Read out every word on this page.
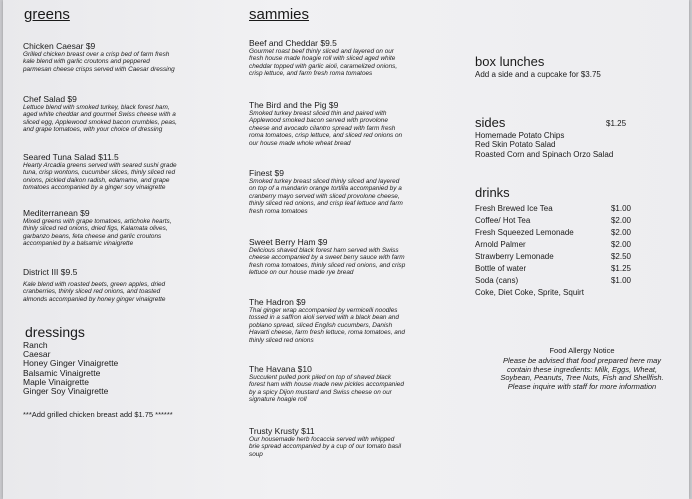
greens
Chicken Caesar $9
Grilled chicken breast over a crisp bed of farm fresh
kale blend with garlic croutons and peppered
parmesan cheese crisps served with Caesar dressing
Chef Salad $9
Lettuce blend with smoked turkey, black forest ham,
aged white cheddar and gourmet Swiss cheese with a
sliced egg, Applewood smoked bacon crumbles, peas,
and grape tomatoes, with your choice of dressing
Seared Tuna Salad $11.5
Hearty Arcadia greens served with seared sushi grade
tuna, crisp wontons, cucumber slices, thinly sliced red
onions, pickled daikon radish, edamame, and grape
tomatoes accompanied by a ginger soy vinaigrette
Mediterranean $9
Mixed greens with grape tomatoes, artichoke hearts,
thinly sliced red onions, dried figs, Kalamata olives,
garbanzo beans, feta cheese and garlic croutons
accompanied by a balsamic vinaigrette
District III $9.5
Kale blend with roasted beets, green apples, dried
cranberries, thinly sliced red onions, and toasted
almonds accompanied by honey ginger vinaigrette
dressings
Ranch
Caesar
Honey Ginger Vinaigrette
Balsamic Vinaigrette
Maple Vinaigrette
Ginger Soy Vinaigrette
***Add grilled chicken breast add $1.75 ******
sammies
Beef and Cheddar $9.5
Gourmet roast beef thinly sliced and layered on our
fresh house made hoagie roll with sliced aged white
cheddar topped with garlic aioli, caramelized onions,
crisp lettuce, and farm fresh roma tomatoes
The Bird and the Pig $9
Smoked turkey breast sliced thin and paired with
Applewood smoked bacon served with provolone
cheese and avocado cilantro spread with farm fresh
roma tomatoes, crisp lettuce, and sliced red onions on
our house made whole wheat bread
Finest $9
Smoked turkey breast sliced thinly sliced and layered
on top of a mandarin orange tortilla accompanied by a
cranberry mayo served with sliced provolone cheese,
thinly sliced red onions, and crisp leaf lettuce and farm
fresh roma tomatoes
Sweet Berry Ham $9
Delicious shaved black forest ham served with Swiss
cheese accompanied by a sweet berry sauce with farm
fresh roma tomatoes, thinly sliced red onions, and crisp
lettuce on our house made rye bread
The Hadron $9
Thai ginger wrap accompanied by vermicelli noodles
tossed in a saffron aioli served with a black bean and
poblano spread, sliced English cucumbers, Danish
Havarti cheese, farm fresh lettuce, roma tomatoes, and
thinly sliced red onions
The Havana $10
Succulent pulled pork piled on top of shaved black
forest ham with house made new pickles accompanied
by a spicy Dijon mustard and Swiss cheese on our
signature hoagie roll
Trusty Krusty $11
Our housemade herb focaccia served with whipped
brie spread accompanied by a cup of our tomato basil
soup
box lunches
Add a side and a cupcake for $3.75
sides	$1.25
Homemade Potato Chips
Red Skin Potato Salad
Roasted Corn and Spinach Orzo Salad
drinks
Fresh Brewed Ice Tea	$1.00
Coffee/ Hot Tea	$2.00
Fresh Squeezed Lemonade	$2.00
Arnold Palmer	$2.00
Strawberry Lemonade	$2.50
Bottle of water	$1.25
Soda (cans)	$1.00
Coke, Diet Coke, Sprite, Squirt
Food Allergy Notice
Please be advised that food prepared here may
contain these ingredients: Milk, Eggs, Wheat,
Soybean, Peanuts, Tree Nuts, Fish and Shellfish.
Please inquire with staff for more information
